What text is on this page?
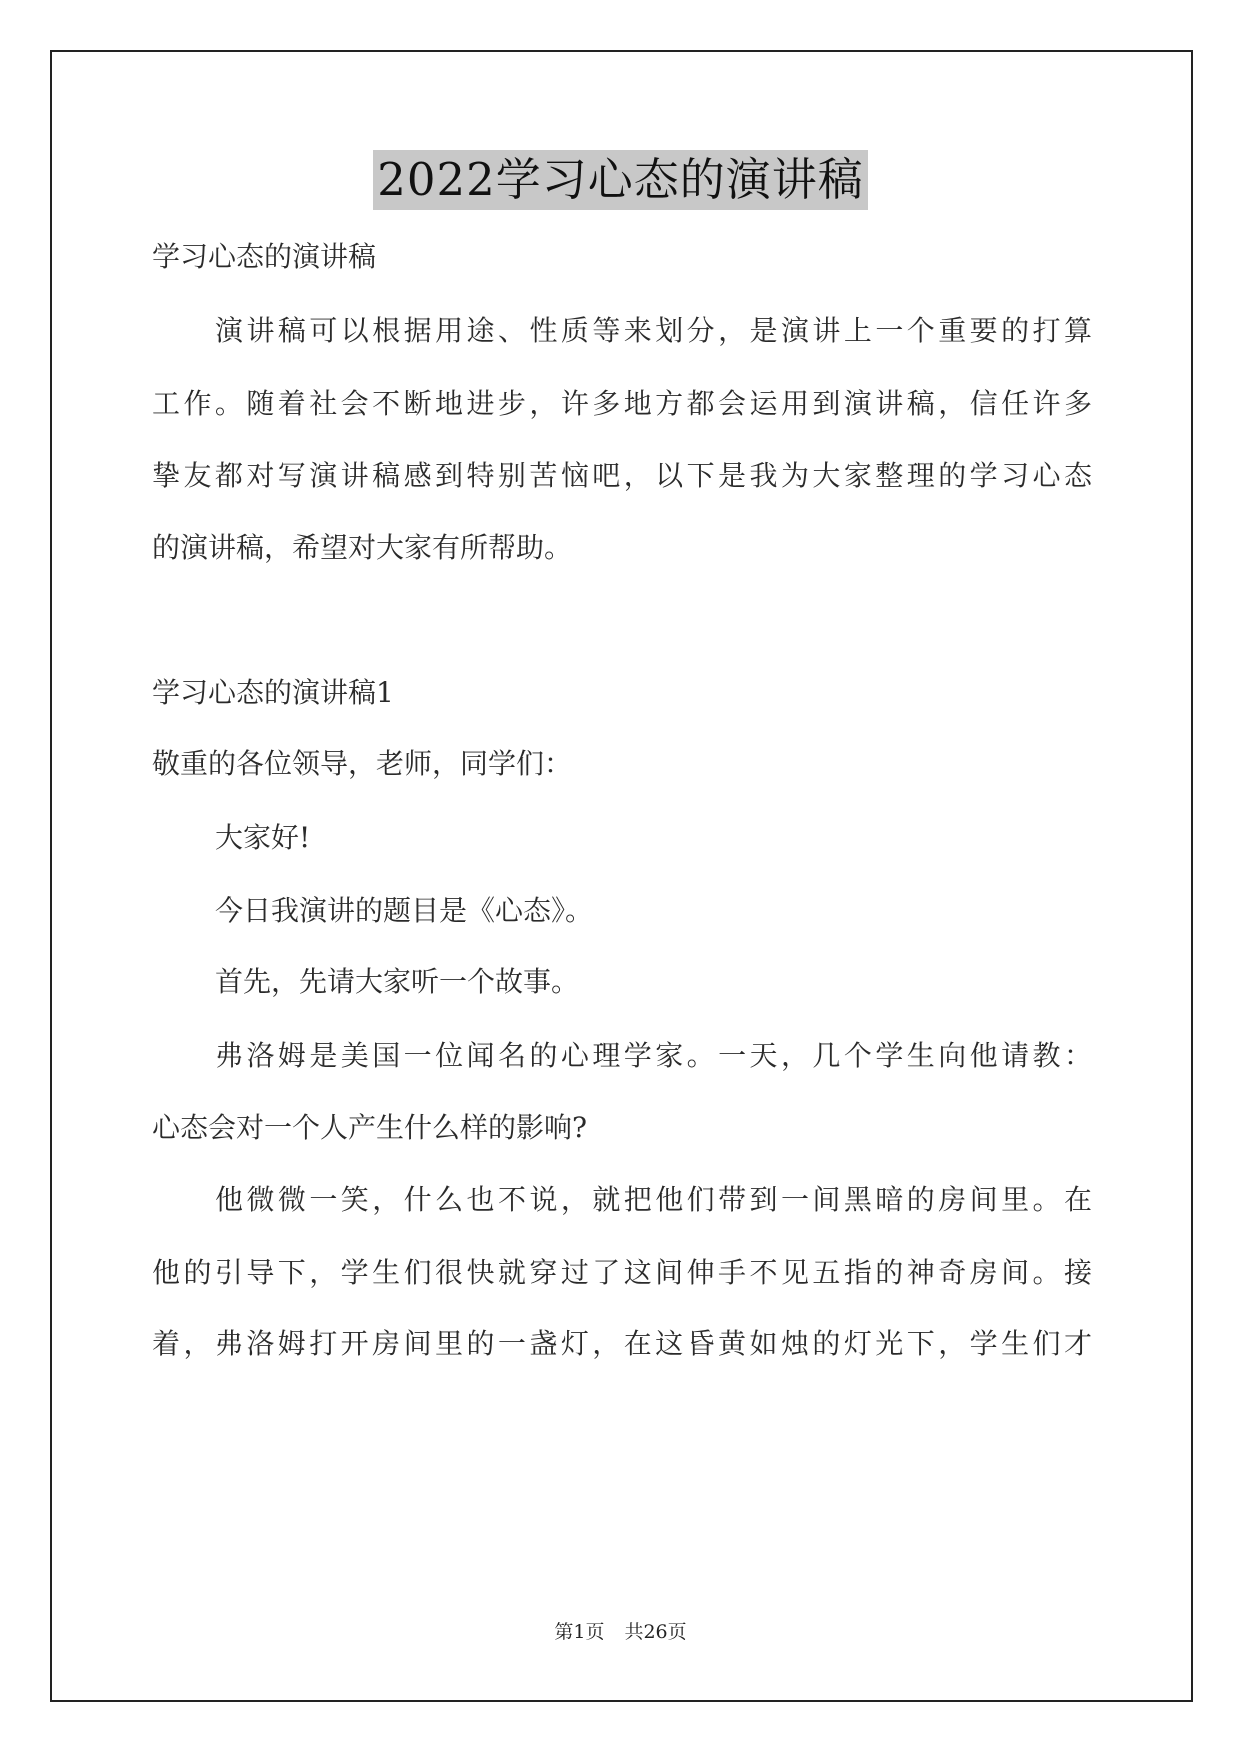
2022学习心态的演讲稿
学习心态的演讲稿
演讲稿可以根据用途、性质等来划分，是演讲上一个重要的打算
工作。随着社会不断地进步，许多地方都会运用到演讲稿，信任许多
挚友都对写演讲稿感到特别苦恼吧，以下是我为大家整理的学习心态
的演讲稿，希望对大家有所帮助。
学习心态的演讲稿1
敬重的各位领导，老师，同学们：
大家好!
今日我演讲的题目是《心态》。
首先，先请大家听一个故事。
弗洛姆是美国一位闻名的心理学家。一天，几个学生向他请教：
心态会对一个人产生什么样的影响?
他微微一笑，什么也不说，就把他们带到一间黑暗的房间里。在
他的引导下，学生们很快就穿过了这间伸手不见五指的神奇房间。接
着，弗洛姆打开房间里的一盏灯，在这昏黄如烛的灯光下，学生们才
第1页 共26页
